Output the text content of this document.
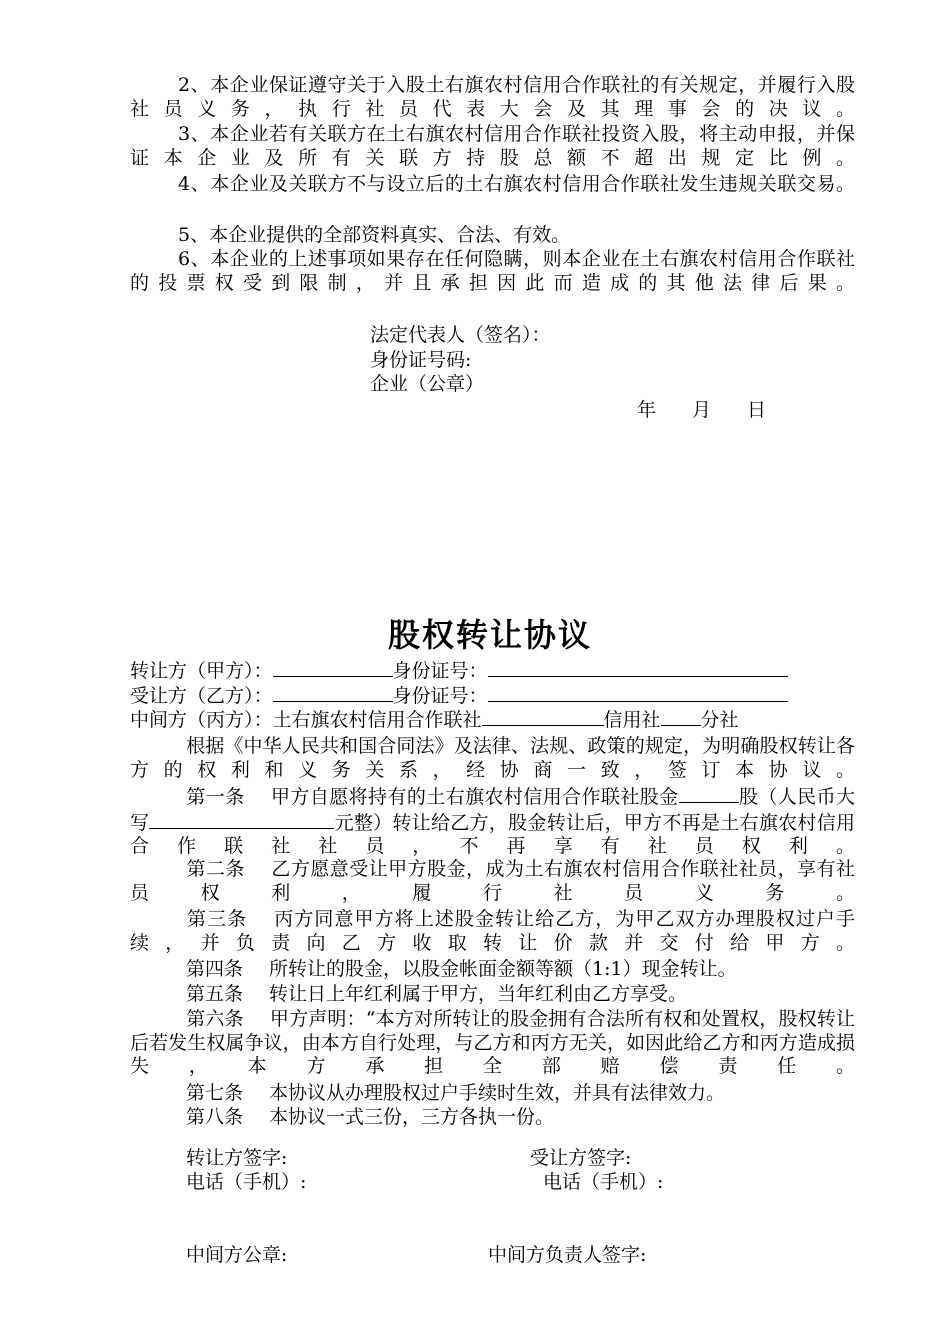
2、本企业保证遵守关于入股土右旗农村信用合作联社的有关规定，并履行入股社员义务，执行社员代表大会及其理事会的决议。

3、本企业若有关联方在土右旗农村信用合作联社投资入股，将主动申报，并保证本企业及所有关联方持股总额不超出规定比例。

4、本企业及关联方不与设立后的土右旗农村信用合作联社发生违规关联交易。

5、本企业提供的全部资料真实、合法、有效。

6、本企业的上述事项如果存在任何隐瞒，则本企业在土右旗农村信用合作联社的投票权受到限制，并且承担因此而造成的其他法律后果。

法定代表人（签名）：

身份证号码:

企业（公章）

年 月 日

股权转让协议

转让方（甲方）：	身份证号：

受让方（乙方）：	身份证号：

中间方（丙方）：土右旗农村信用合作联社	信用社 分社

根据《中华人民共和国合同法》及法律、法规、政策的规定，为明确股权转让各方的权利和义务关系，经协商一致，签订本协议。

第一条 甲方自愿将持有的土右旗农村信用合作联社股金	股（人民币大写	元整）转让给乙方，股金转让后，甲方不再是土右旗农村信用合作联社社员，不再享有社员权利。

第二条 乙方愿意受让甲方股金，成为土右旗农村信用合作联社社员，享有社员权利，履行社员义务。

第三条 丙方同意甲方将上述股金转让给乙方，为甲乙双方办理股权过户手续，并负责向乙方收取转让价款并交付给甲方。

第四条 所转让的股金，以股金帐面金额等额（1:1）现金转让。

第五条 转让日上年红利属于甲方，当年红利由乙方享受。

第六条 甲方声明：“本方对所转让的股金拥有合法所有权和处置权，股权转让后若发生权属争议，由本方自行处理，与乙方和丙方无关，如因此给乙方和丙方造成损失，本方承担全部赔偿责任。

第七条 本协议从办理股权过户手续时生效，并具有法律效力。

第八条 本协议一式三份，三方各执一份。

转让方签字:	受让方签字:

电话（手机）:	电话（手机）:

中间方公章:	中间方负责人签字:
